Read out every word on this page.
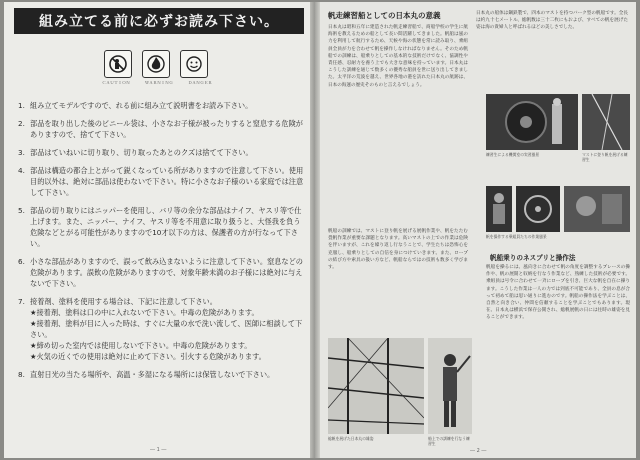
組み立てる前に必ずお読み下さい。
ＣＡＵＴＩＯＮ	ＷＡＲＮＩＮＧ	ＤＡＮＧＥＲ
1. 組み立てモデルですので、れる前に組み立て説明書をお読み下さい。
2. 部品を取り出した後のビニール袋は、小さなお子様が被ったりすると窒息する危険がありますので、捨てて下さい。
3. 部品はていねいに切り取り、切り取ったあとのクズは捨てて下さい。
4. 部品は構造の都合上とがって鋭くなっている所がありますので注意して下さい。使用目的以外は、絶対に部品は使わないで下さい。特に小さなお子様のいる家庭では注意して下さい。
5. 部品の切り取りにはニッパーを使用し、バリ等の余分な部品はナイフ、ヤスリ等で仕上げます。また、ニッパー、ナイフ、ヤスリ等を不用意に取り扱うと、大怪我を負う危険などとがる可能性がありますので10才以下の方は、保護者の方が行なって下さい。
6. 小さな部品がありますので、誤って飲み込まないように注意して下さい。窒息などの危険があります。誤飲の危険がありますので、対象年齢未満のお子様には絶対に与えないで下さい。
7. 接着剤、塗料を使用する場合は、下記に注意して下さい。
★接着剤、塗料は口の中に入れないで下さい。中毒の危険があります。
★接着剤、塗料が目に入った時は、すぐに大量の水で洗い流して、医師に相談して下さい。
★締め切った室内では使用しないで下さい。中毒の危険があります。
★火気の近くでの使用は絶対に止めて下さい。引火する危険があります。
8. 直射日光の当たる場所や、高温・多湿になる場所には保管しないで下さい。
― 1 ―
帆走練習船としての日本丸の意義
日本丸は昭和五年に建造された帆走練習船で、商船学校の学生に航海術を教えるための船として長い間活躍してきました。帆船は風の力を利用して航行するため、天候や海の状態を常に読み取り、乗組員全員が力を合わせて帆を操作しなければなりません。そのため帆船での訓練は、船乗りとしての基本的な技術だけでなく、協調性や責任感、忍耐力を養う上でも大きな意味を持っています。日本丸はこうした訓練を通じて数多くの優秀な船員を世に送り出してきました。太平洋の荒波を越え、世界各地の港を訪れた日本丸の航跡は、日本の海運の歴史そのものと言えるでしょう。
帆船の訓練では、マストに登り帆を展げる展帆作業や、帆をたたむ畳帆作業が重要な課題となります。高いマストの上での作業は危険を伴いますが、これを繰り返し行なうことで、学生たちは恐怖心を克服し、船乗りとしての自信を身につけていきます。また、ロープの結び方や索具の扱い方など、帆船ならではの技術も数多く学びます。
日本丸の船体は鋼鉄製で、四本のマストを持つバーク型の帆船です。全長は約九十七メートル、総帆数は三十二枚にもおよび、すべての帆を展げた姿は海の貴婦人と呼ばれるほどの美しさでした。
練習生による機関室の実習風景	マストに登り帆を展げる練習生
帆を操作する乗組員たちの作業風景
帆船乗りのネスプリと操作法
帆船を操るには、風向きに合わせて帆の角度を調整するブレースの操作や、帆の展開と収納を行なう作業など、熟練した技術が必要です。乗組員は号令に合わせて一斉にロープを引き、巨大な帆を自在に操ります。こうした作業は一人の力では到底不可能であり、全員の息が合って初めて船は思い通りに進むのです。帆船の操作法を学ぶことは、自然と向き合い、仲間を信頼することを学ぶことでもあります。現在、日本丸は横浜で保存公開され、総帆展帆の日には往時の雄姿を見ることができます。
総帆を展げた日本丸の雄姿	船上での訓練を行なう練習生
― 2 ―
